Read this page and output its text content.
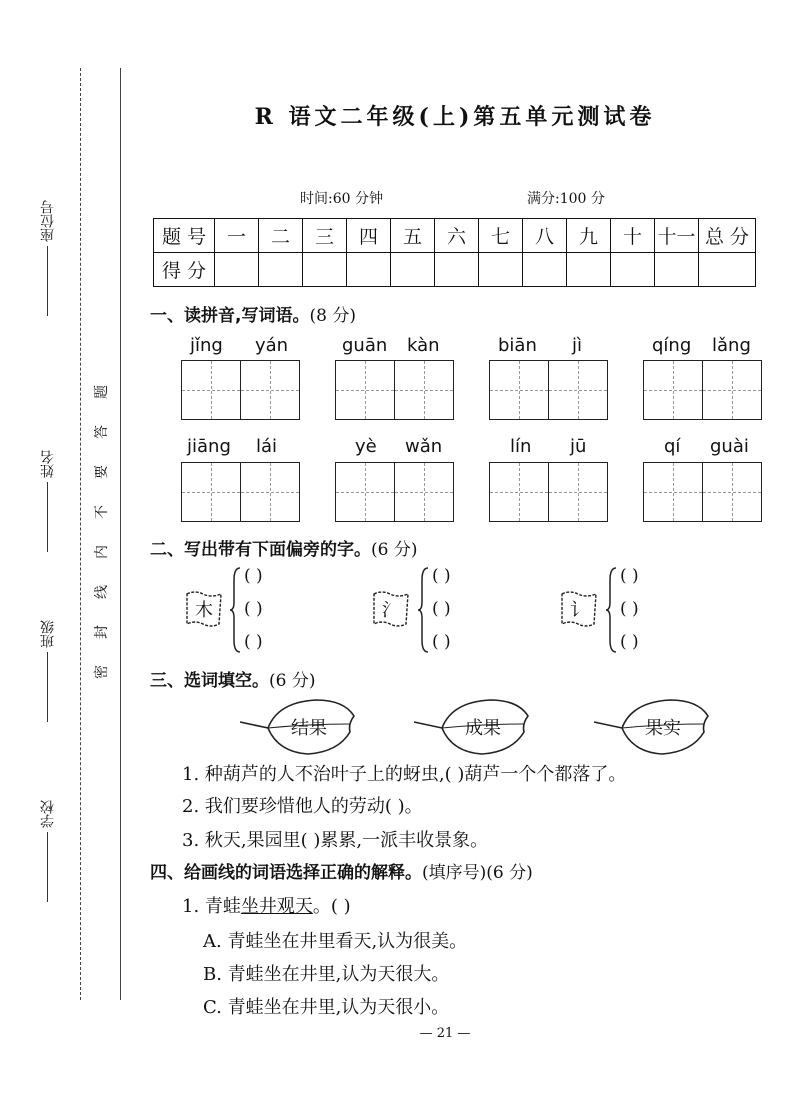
座位号
姓名
班级
学校
题
答
要
不
内
线
封
密
R 语文二年级(上)第五单元测试卷
时间:60 分钟	满分:100 分
题 号	一	二	三	四	五	六	七	八	九	十	十一	总 分
得 分												
一、读拼音,写词语。(8 分)
jǐng yán	guān kàn	biān jì	qíng lǎng
jiāng lái	yè wǎn	lín jū	qí guài
二、写出带有下面偏旁的字。(6 分)
木
( )
( )
( )
氵
( )
( )
( )
讠
( )
( )
( )
三、选词填空。(6 分)
结果	成果	果实
1. 种葫芦的人不治叶子上的蚜虫,( )葫芦一个个都落了。
2. 我们要珍惜他人的劳动( )。
3. 秋天,果园里( )累累,一派丰收景象。
四、给画线的词语选择正确的解释。(填序号)(6 分)
1. 青蛙坐井观天。( )
A. 青蛙坐在井里看天,认为很美。
B. 青蛙坐在井里,认为天很大。
C. 青蛙坐在井里,认为天很小。
— 21 —
